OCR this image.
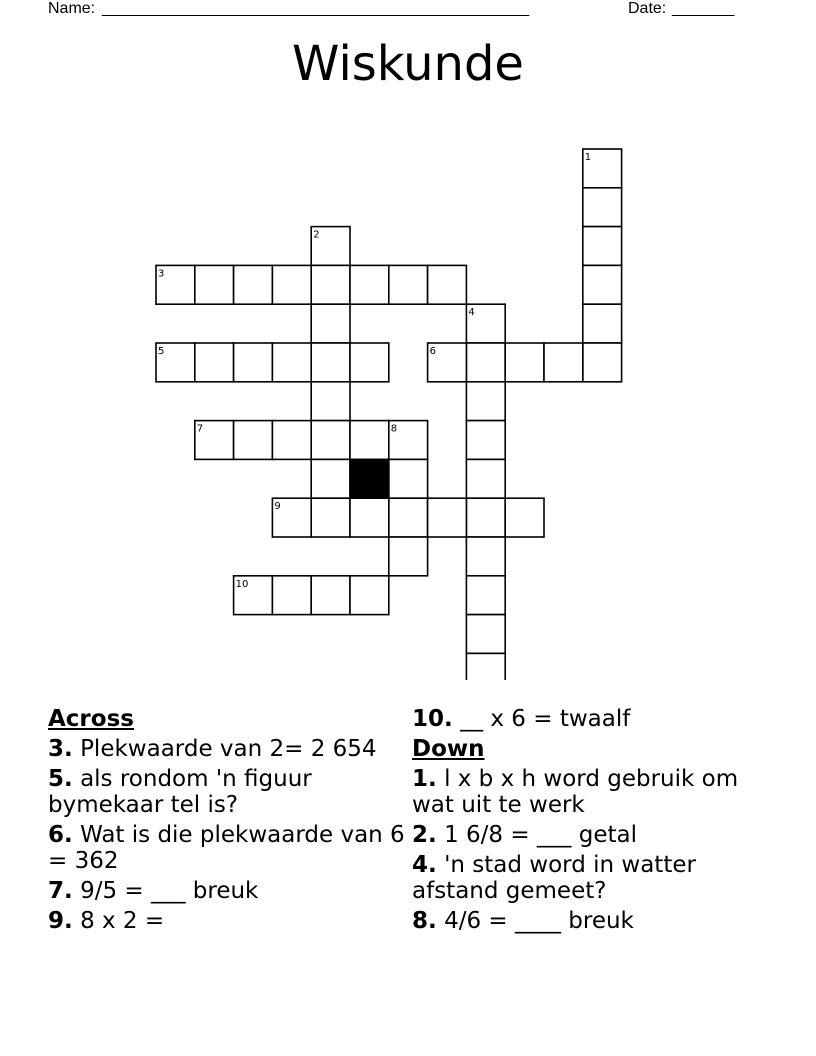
Name: ________________________________________________	Date: _______
Wiskunde
1
2
3
4
5	6
7	8
9
10
Across
3. Plekwaarde van 2= 2 654
5. als rondom 'n figuur bymekaar tel is?
6. Wat is die plekwaarde van 6 = 362
7. 9/5 = ___ breuk
9. 8 x 2 =
10. __ x 6 = twaalf
Down
1. l x b x h word gebruik om wat uit te werk
2. 1 6/8 = ___ getal
4. 'n stad word in watter afstand gemeet?
8. 4/6 = ____ breuk
